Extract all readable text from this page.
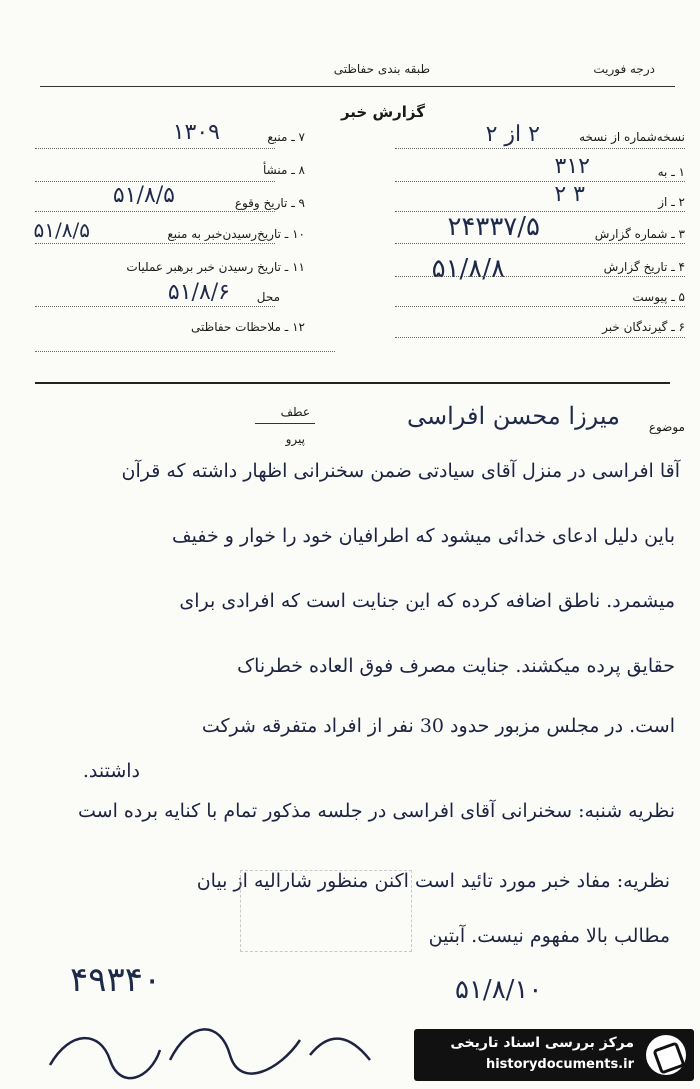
درجه فوریت
طبقه بندی حفاظتی
گزارش خبر
نسخه‌شماره از نسخه
۲ از ۲
۱ ـ به
۳۱۲
۲ ـ از
۳ ۲
۳ ـ شماره گزارش
۲۴۳۳۷/۵
۴ ـ تاریخ گزارش
۵۱/۸/۸
۵ ـ پیوست
۶ ـ گیرندگان خبر
۷ ـ منبع
۱۳۰۹
۸ ـ منشأ
۹ ـ تاریخ وقوع
۵۱/۸/۵
۱۰ ـ تاریخ‌رسیدن‌خبر به منبع
۵۱/۸/۵
۱۱ ـ تاریخ رسیدن خبر برهبر عملیات
محل
۵۱/۸/۶
۱۲ ـ ملاحظات حفاظتی
عطف
پیرو
موضوع
میرزا محسن افراسی
آقا افراسی در منزل آقای سیادتی ضمن سخنرانی اظهار داشته که قرآن
باین دلیل ادعای خدائی میشود که اطرافیان خود را خوار و خفیف
میشمرد. ناطق اضافه کرده که این جنایت است که افرادی برای
حقایق پرده میکشند. جنایت مصرف فوق العاده خطرناک
است. در مجلس مزبور حدود 30 نفر از افراد متفرقه شرکت
داشتند.
نظریه شنبه: سخنرانی آقای افراسی در جلسه مذکور تمام با کنایه برده است
نظریه: مفاد خبر مورد تائید است اکنن منظور شارالیه از بیان
مطالب بالا مفهوم نیست. آبتین
۴۹۳۴۰	۵۱/۸/۱۰
مرکز بررسی اسناد تاریخی
historydocuments.ir
